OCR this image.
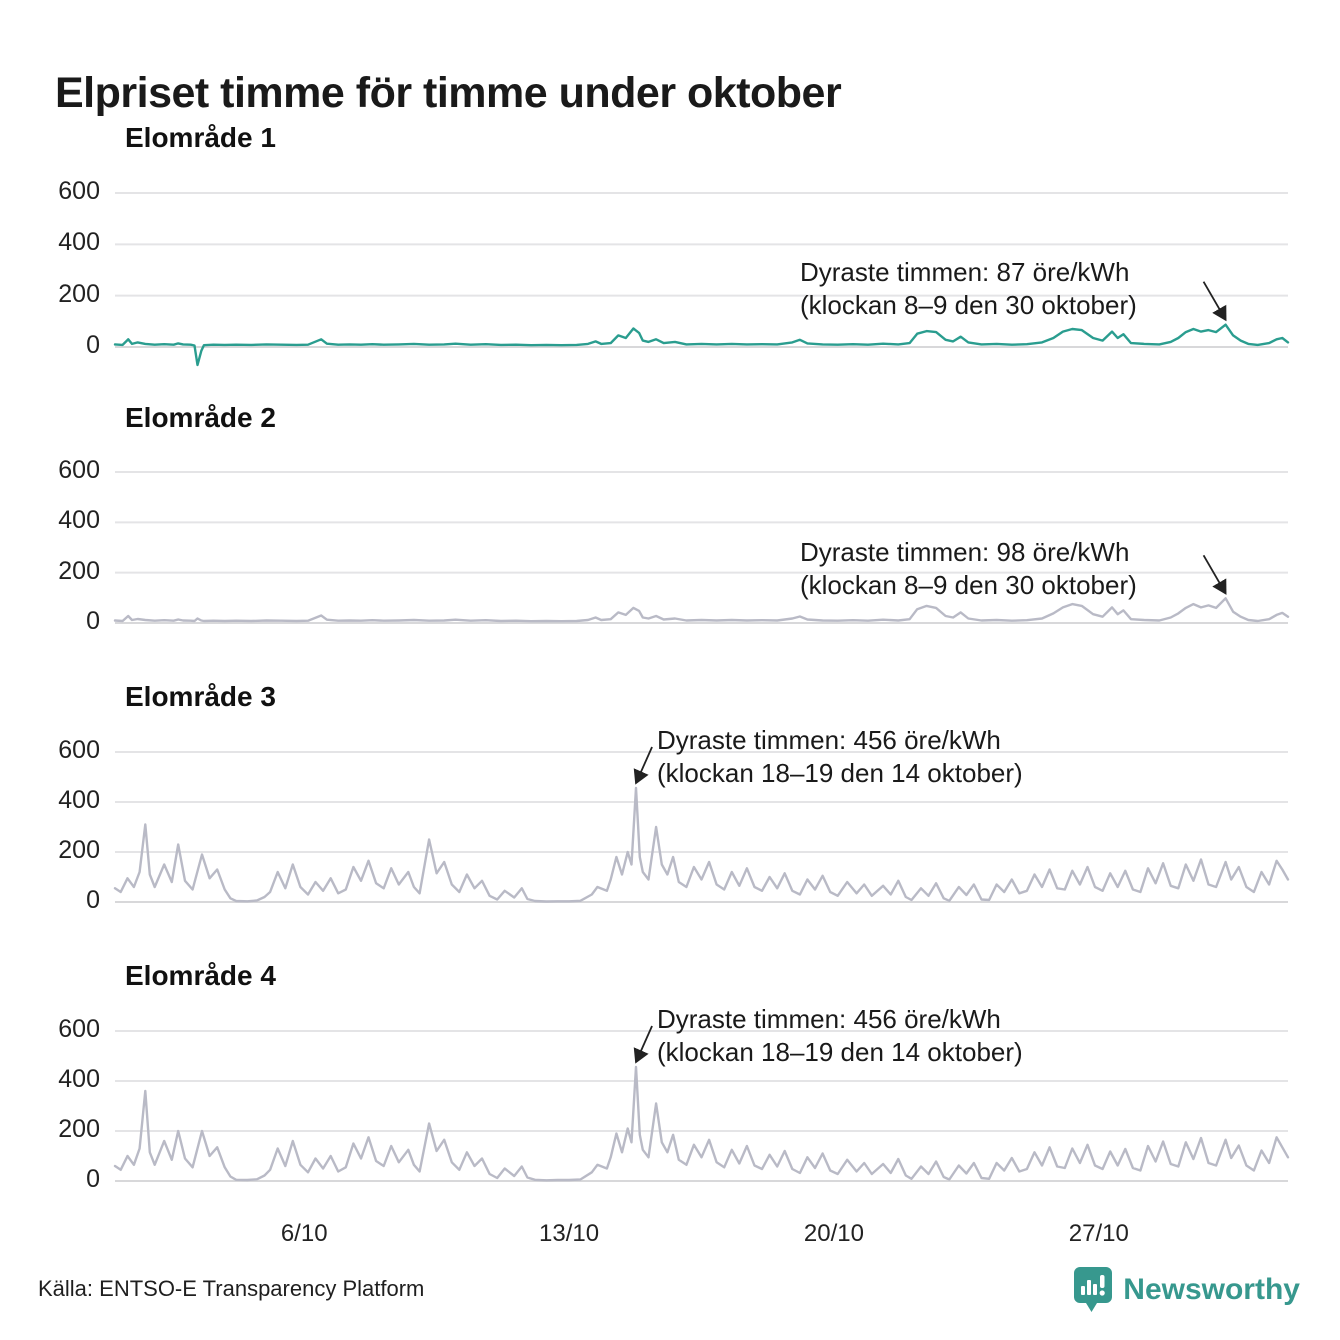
Elpriset timme för timme under oktober
Elområde 1
Elområde 2
Elområde 3
Elområde 4
Dyraste timmen: 87 öre/kWh
(klockan 8–9 den 30 oktober)
Dyraste timmen: 98 öre/kWh
(klockan 8–9 den 30 oktober)
Dyraste timmen: 456 öre/kWh
(klockan 18–19 den 14 oktober)
Dyraste timmen: 456 öre/kWh
(klockan 18–19 den 14 oktober)
600
400
200
0
600
400
200
0
600
400
200
0
600
400
200
0
6/10	13/10	20/10	27/10
Källa: ENTSO-E Transparency Platform	Newsworthy
